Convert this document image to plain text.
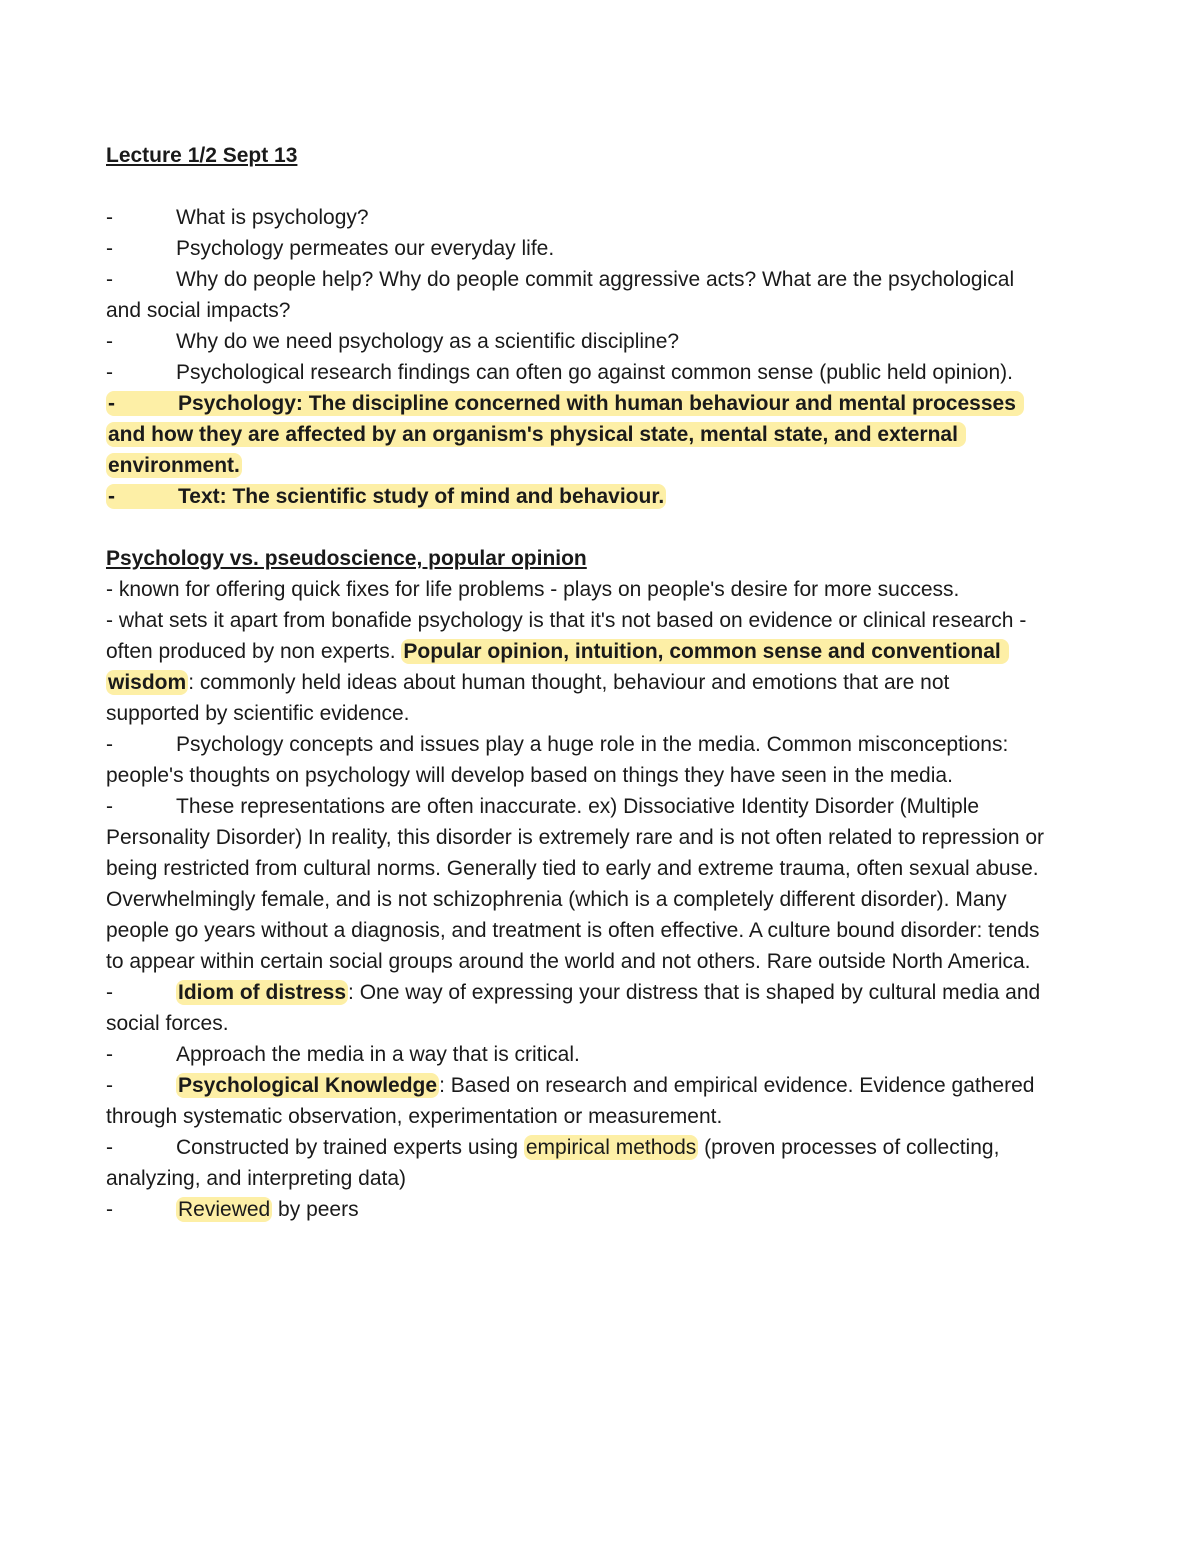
Lecture 1/2 Sept 13
-	What is psychology?
-	Psychology permeates our everyday life.
-	Why do people help? Why do people commit aggressive acts? What are the psychological and social impacts?
-	Why do we need psychology as a scientific discipline?
-	Psychological research findings can often go against common sense (public held opinion).
-	Psychology: The discipline concerned with human behaviour and mental processes and how they are affected by an organism's physical state, mental state, and external environment.
-	Text: The scientific study of mind and behaviour.
Psychology vs. pseudoscience, popular opinion
- known for offering quick fixes for life problems - plays on people's desire for more success.
- what sets it apart from bonafide psychology is that it's not based on evidence or clinical research - often produced by non experts. Popular opinion, intuition, common sense and conventional wisdom: commonly held ideas about human thought, behaviour and emotions that are not supported by scientific evidence.
-	Psychology concepts and issues play a huge role in the media. Common misconceptions: people's thoughts on psychology will develop based on things they have seen in the media.
-	These representations are often inaccurate. ex) Dissociative Identity Disorder (Multiple Personality Disorder) In reality, this disorder is extremely rare and is not often related to repression or being restricted from cultural norms. Generally tied to early and extreme trauma, often sexual abuse. Overwhelmingly female, and is not schizophrenia (which is a completely different disorder). Many people go years without a diagnosis, and treatment is often effective. A culture bound disorder: tends to appear within certain social groups around the world and not others. Rare outside North America.
-	Idiom of distress: One way of expressing your distress that is shaped by cultural media and social forces.
-	Approach the media in a way that is critical.
-	Psychological Knowledge: Based on research and empirical evidence. Evidence gathered through systematic observation, experimentation or measurement.
-	Constructed by trained experts using empirical methods (proven processes of collecting, analyzing, and interpreting data)
-	Reviewed by peers
